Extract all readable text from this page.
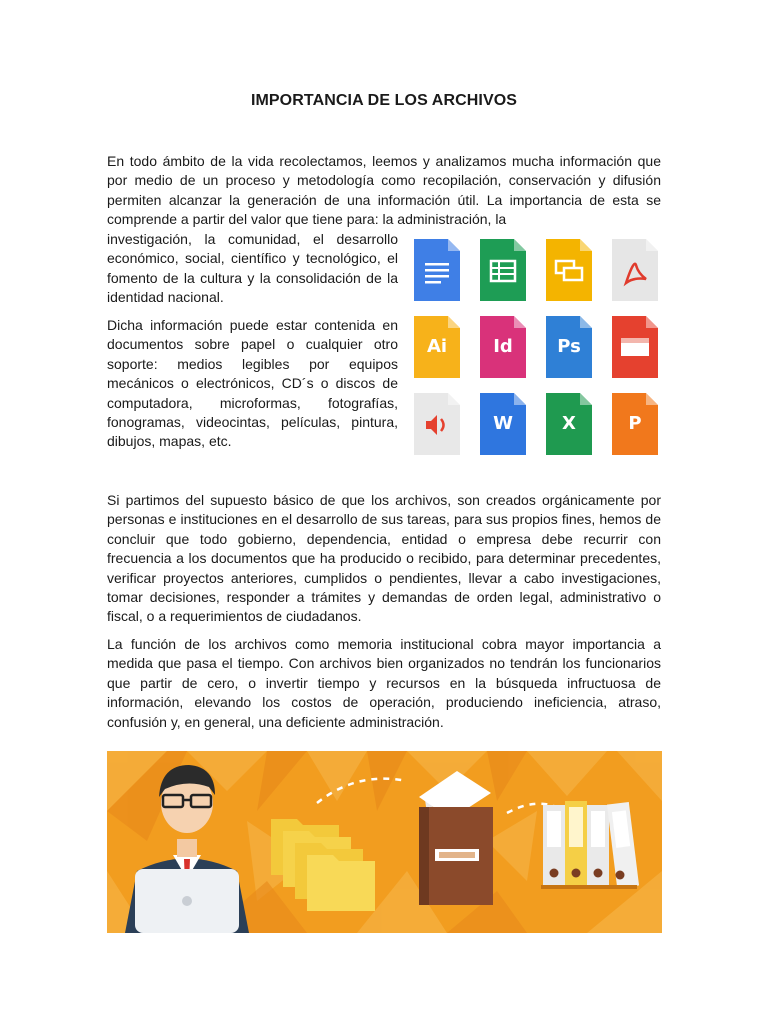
IMPORTANCIA DE LOS ARCHIVOS

En todo ámbito de la vida recolectamos, leemos y analizamos mucha información que por medio de un proceso y metodología como recopilación, conservación y difusión permiten alcanzar la generación de una información útil. La importancia de esta se comprende a partir del valor que tiene para: la administración, la

investigación, la comunidad, el desarrollo económico, social, científico y tecnológico, el fomento de la cultura y la consolidación de la identidad nacional.

Dicha información puede estar contenida en documentos sobre papel o cualquier otro soporte: medios legibles por equipos mecánicos o electrónicos, CD´s o discos de computadora, microformas, fotografías, fonogramas, videocintas, películas, pintura, dibujos, mapas, etc.

Si partimos del supuesto básico de que los archivos, son creados orgánicamente por personas e instituciones en el desarrollo de sus tareas, para sus propios fines, hemos de concluir que todo gobierno, dependencia, entidad o empresa debe recurrir con frecuencia a los documentos que ha producido o recibido, para determinar precedentes, verificar proyectos anteriores, cumplidos o pendientes, llevar a cabo investigaciones, tomar decisiones, responder a trámites y demandas de orden legal, administrativo o fiscal, o a requerimientos de ciudadanos.

La función de los archivos como memoria institucional cobra mayor importancia a medida que pasa el tiempo. Con archivos bien organizados no tendrán los funcionarios que partir de cero, o invertir tiempo y recursos en la búsqueda infructuosa de información, elevando los costos de operación, produciendo ineficiencia, atraso, confusión y, en general, una deficiente administración.

Ai	Id	Ps
W	X	P
